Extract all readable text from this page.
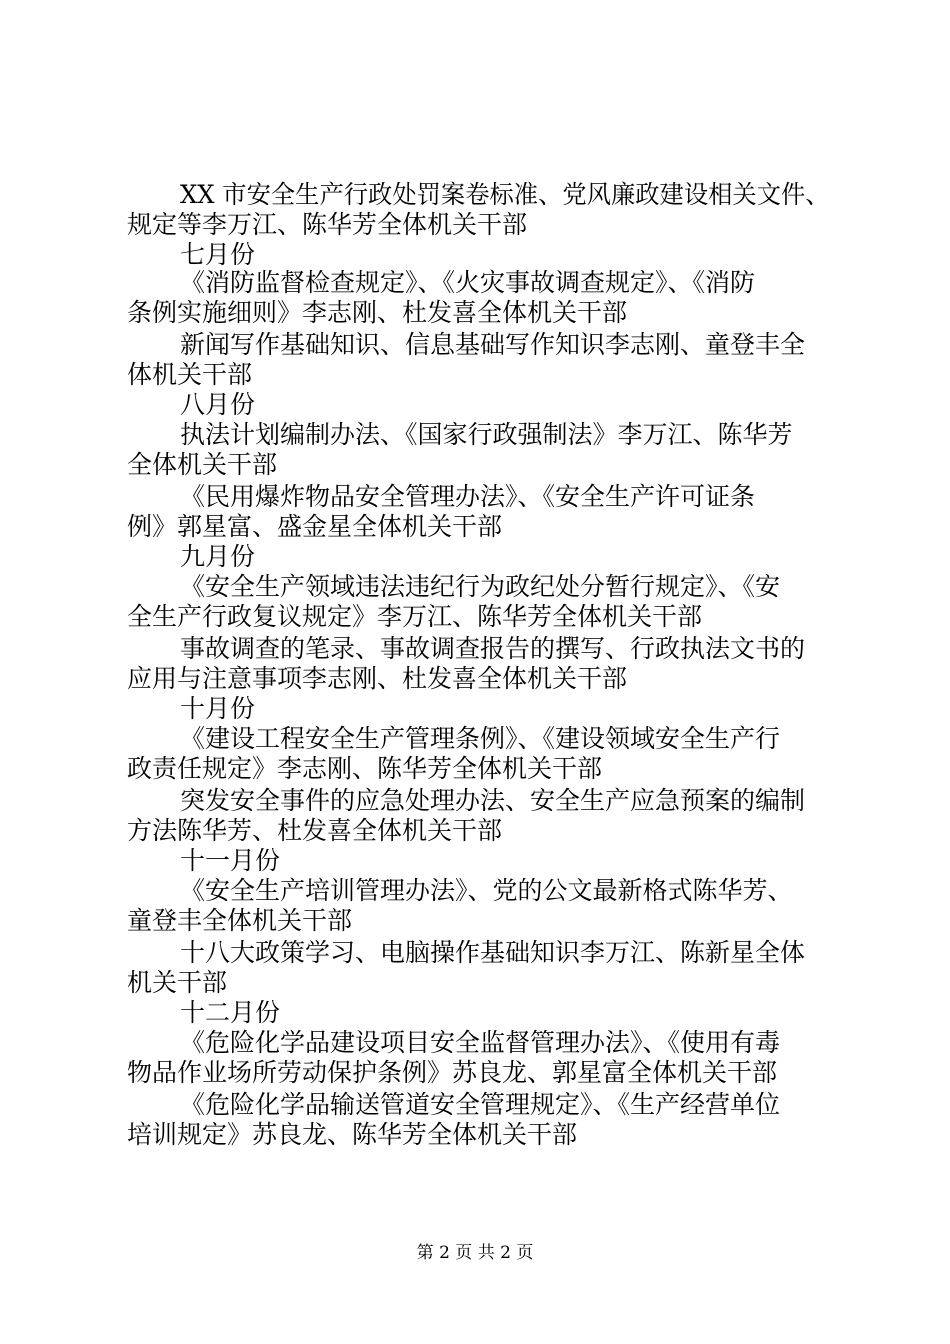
XX 市安全生产行政处罚案卷标准、党风廉政建设相关文件、
规定等李万江、陈华芳全体机关干部
七月份
《消防监督检查规定》、《火灾事故调查规定》、《消防
条例实施细则》李志刚、杜发喜全体机关干部
新闻写作基础知识、信息基础写作知识李志刚、童登丰全
体机关干部
八月份
执法计划编制办法、《国家行政强制法》李万江、陈华芳
全体机关干部
《民用爆炸物品安全管理办法》、《安全生产许可证条
例》郭星富、盛金星全体机关干部
九月份
《安全生产领域违法违纪行为政纪处分暂行规定》、《安
全生产行政复议规定》李万江、陈华芳全体机关干部
事故调查的笔录、事故调查报告的撰写、行政执法文书的
应用与注意事项李志刚、杜发喜全体机关干部
十月份
《建设工程安全生产管理条例》、《建设领域安全生产行
政责任规定》李志刚、陈华芳全体机关干部
突发安全事件的应急处理办法、安全生产应急预案的编制
方法陈华芳、杜发喜全体机关干部
十一月份
《安全生产培训管理办法》、党的公文最新格式陈华芳、
童登丰全体机关干部
十八大政策学习、电脑操作基础知识李万江、陈新星全体
机关干部
十二月份
《危险化学品建设项目安全监督管理办法》、《使用有毒
物品作业场所劳动保护条例》苏良龙、郭星富全体机关干部
《危险化学品输送管道安全管理规定》、《生产经营单位
培训规定》苏良龙、陈华芳全体机关干部
第 2 页 共 2 页
